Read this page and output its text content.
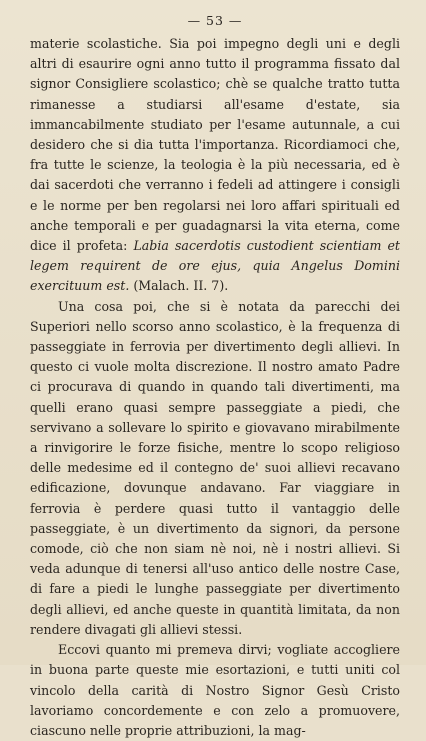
— 53 —

materie scolastiche. Sia poi impegno degli uni e degli altri di esaurire ogni anno tutto il programma fissato dal signor Consigliere scolastico; chè se qualche tratto tutta rimanesse a studiarsi all'esame d'estate, sia immancabilmente studiato per l'esame autunnale, a cui desidero che si dia tutta l'importanza. Ricordiamoci che, fra tutte le scienze, la teologia è la più necessaria, ed è dai sacerdoti che verranno i fedeli ad attingere i consigli e le norme per ben regolarsi nei loro affari spirituali ed anche temporali e per guadagnarsi la vita eterna, come dice il profeta: Labia sacerdotis custodient scientiam et legem requirent de ore ejus, quia Angelus Domini exercituum est. (Malach. II. 7).

Una cosa poi, che si è notata da parecchi dei Superiori nello scorso anno scolastico, è la frequenza di passeggiate in ferrovia per divertimento degli allievi. In questo ci vuole molta discrezione. Il nostro amato Padre ci procurava di quando in quando tali divertimenti, ma quelli erano quasi sempre passeggiate a piedi, che servivano a sollevare lo spirito e giovavano mirabilmente a rinvigorire le forze fisiche, mentre lo scopo religioso delle medesime ed il contegno de' suoi allievi recavano edificazione, dovunque andavano. Far viaggiare in ferrovia è perdere quasi tutto il vantaggio delle passeggiate, è un divertimento da signori, da persone comode, ciò che non siam nè noi, nè i nostri allievi. Si veda adunque di tenersi all'uso antico delle nostre Case, di fare a piedi le lunghe passeggiate per divertimento degli allievi, ed anche queste in quantità limitata, da non rendere divagati gli allievi stessi.

Eccovi quanto mi premeva dirvi; vogliate accogliere in buona parte queste mie esortazioni, e tutti uniti col vincolo della carità di Nostro Signor Gesù Cristo lavoriamo concordemente e con zelo a promuovere, ciascuno nelle proprie attribuzioni, la mag-
